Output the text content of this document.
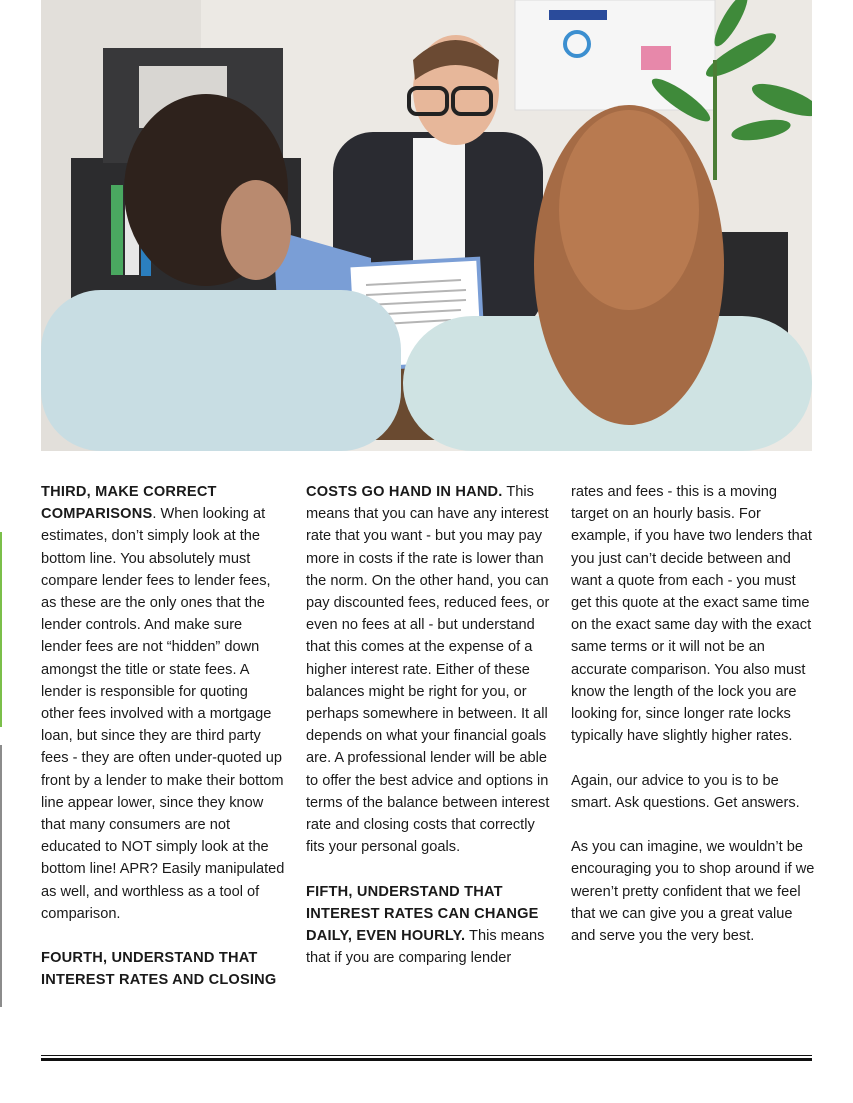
THIRD, MAKE CORRECT COMPARISONS. When looking at estimates, don’t simply look at the bottom line. You absolutely must compare lender fees to lender fees, as these are the only ones that the lender controls. And make sure lender fees are not “hidden” down amongst the title or state fees. A lender is responsible for quoting other fees involved with a mortgage loan, but since they are third party fees - they are often under-quoted up front by a lender to make their bottom line appear lower, since they know that many consumers are not educated to NOT simply look at the bottom line! APR? Easily manipulated as well, and worthless as a tool of comparison.

FOURTH, UNDERSTAND THAT INTEREST RATES AND CLOSING

COSTS GO HAND IN HAND. This means that you can have any interest rate that you want - but you may pay more in costs if the rate is lower than the norm. On the other hand, you can pay discounted fees, reduced fees, or even no fees at all - but understand that this comes at the expense of a higher interest rate. Either of these balances might be right for you, or perhaps somewhere in between. It all depends on what your financial goals are. A professional lender will be able to offer the best advice and options in terms of the balance between interest rate and closing costs that correctly fits your personal goals.

FIFTH, UNDERSTAND THAT INTEREST RATES CAN CHANGE DAILY, EVEN HOURLY. This means that if you are comparing lender

rates and fees - this is a moving target on an hourly basis. For example, if you have two lenders that you just can’t decide between and want a quote from each - you must get this quote at the exact same time on the exact same day with the exact same terms or it will not be an accurate comparison. You also must know the length of the lock you are looking for, since longer rate locks typically have slightly higher rates.

Again, our advice to you is to be smart. Ask questions. Get answers.

As you can imagine, we wouldn’t be encouraging you to shop around if we weren’t pretty confident that we feel that we can give you a great value and serve you the very best.
